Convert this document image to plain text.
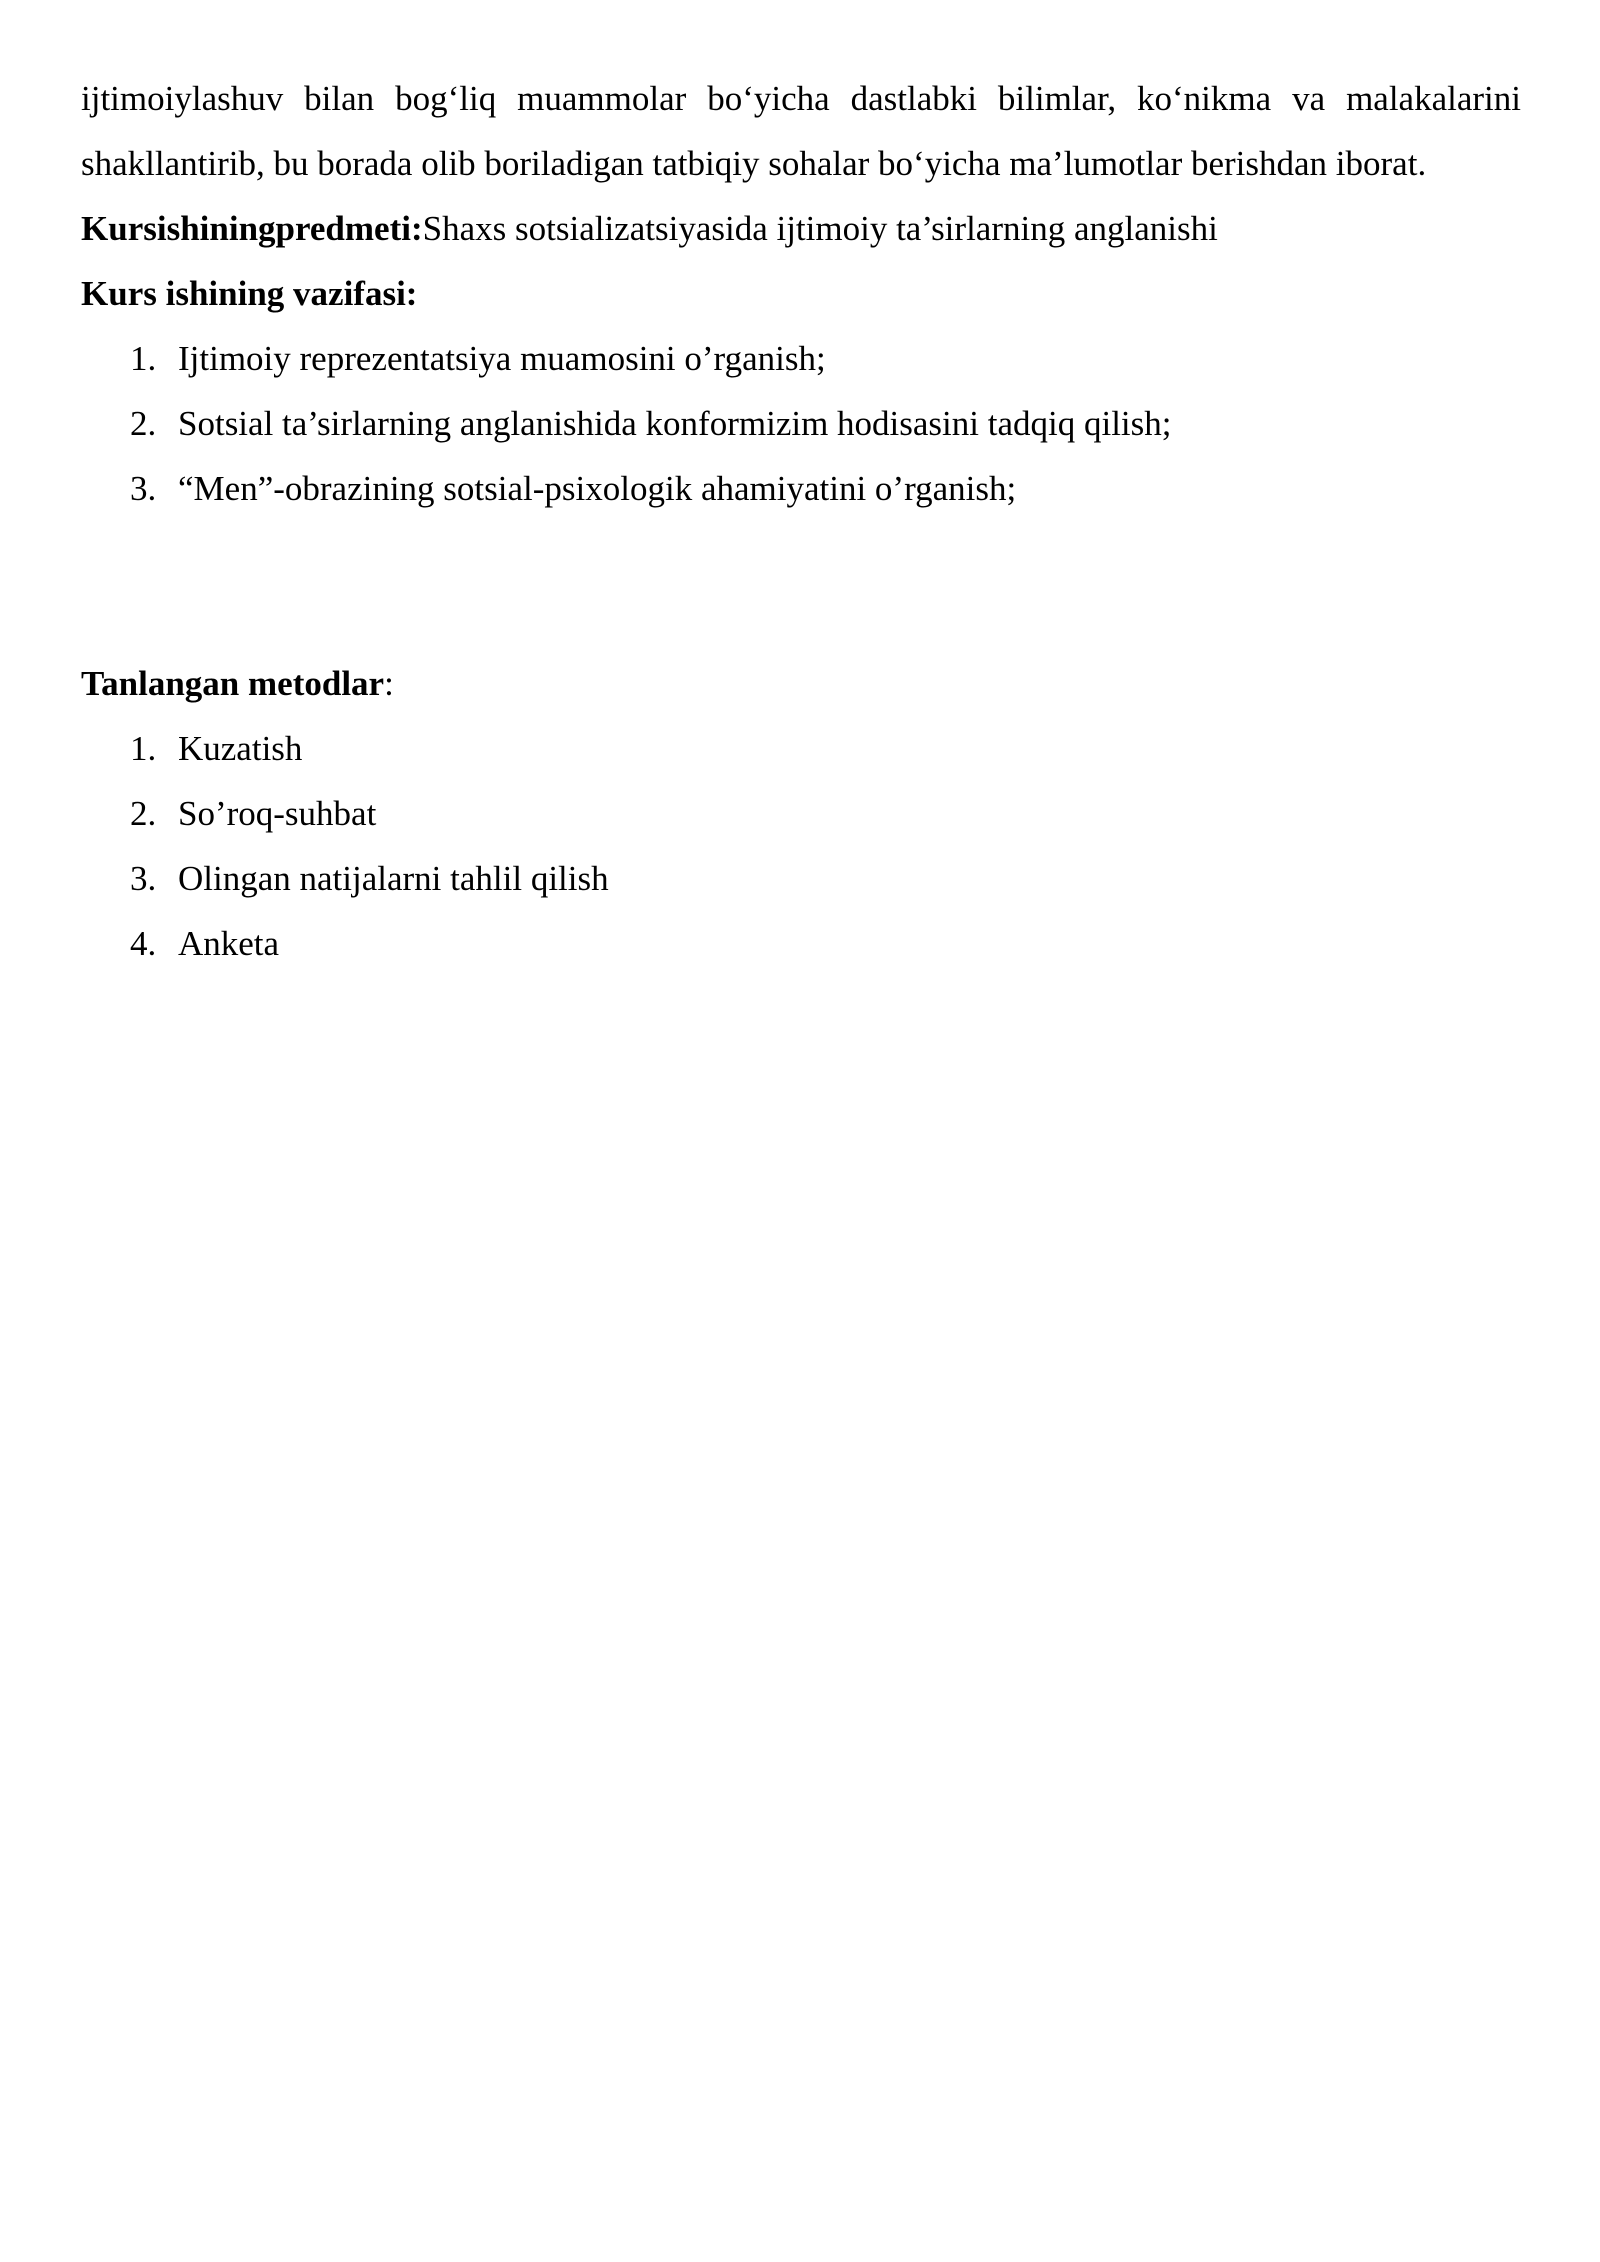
ijtimoiylashuv bilan bog‘liq muammolar bo‘yicha dastlabki bilimlar, ko‘nikma va malakalarini shakllantirib, bu borada olib boriladigan tatbiqiy sohalar bo‘yicha ma’lumotlar berishdan iborat.

Kursishiningpredmeti:Shaxs sotsializatsiyasida ijtimoiy ta’sirlarning anglanishi

Kurs ishining vazifasi:

1. Ijtimoiy reprezentatsiya muamosini o’rganish;
2. Sotsial ta’sirlarning anglanishida konformizim hodisasini tadqiq qilish;
3. “Men”-obrazining sotsial-psixologik ahamiyatini o’rganish;

Tanlangan metodlar:

1. Kuzatish
2. So’roq-suhbat
3. Olingan natijalarni tahlil qilish
4. Anketa
